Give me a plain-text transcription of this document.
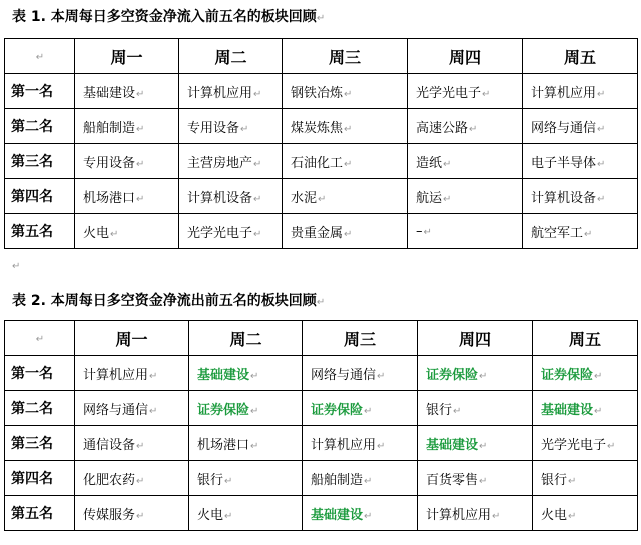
表 1. 本周每日多空资金净流入前五名的板块回顾↵
↵	周一	周二	周三	周四	周五
第一名	基础建设↵	计算机应用↵	钢铁冶炼↵	光学光电子↵	计算机应用↵
第二名	船舶制造↵	专用设备↵	煤炭炼焦↵	高速公路↵	网络与通信↵
第三名	专用设备↵	主营房地产↵	石油化工↵	造纸↵	电子半导体↵
第四名	机场港口↵	计算机设备↵	水泥↵	航运↵	计算机设备↵
第五名	火电↵	光学光电子↵	贵重金属↵	–↵	航空军工↵
↵
表 2. 本周每日多空资金净流出前五名的板块回顾↵
↵	周一	周二	周三	周四	周五
第一名	计算机应用↵	基础建设↵	网络与通信↵	证券保险↵	证券保险↵
第二名	网络与通信↵	证券保险↵	证券保险↵	银行↵	基础建设↵
第三名	通信设备↵	机场港口↵	计算机应用↵	基础建设↵	光学光电子↵
第四名	化肥农药↵	银行↵	船舶制造↵	百货零售↵	银行↵
第五名	传媒服务↵	火电↵	基础建设↵	计算机应用↵	火电↵
